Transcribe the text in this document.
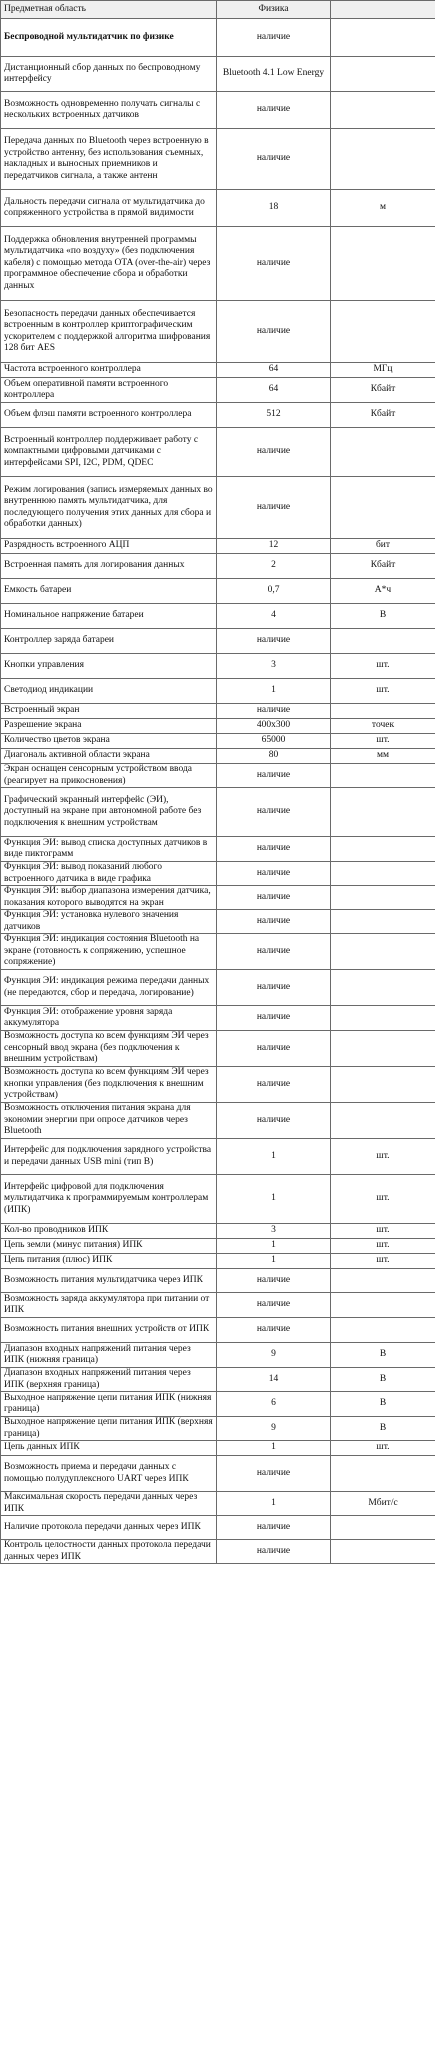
Предметная область	Физика	
Беспроводной мультидатчик по физике	наличие	
Дистанционный сбор данных по беспроводному интерфейсу	Bluetooth 4.1 Low Energy	
Возможность одновременно получать сигналы с нескольких встроенных датчиков	наличие	
Передача данных по Bluetooth через встроенную в устройство антенну, без использования съемных, накладных и выносных приемников и передатчиков сигнала, а также антенн	наличие	
Дальность передачи сигнала от мультидатчика до сопряженного устройства в прямой видимости	18	м
Поддержка обновления внутренней программы мультидатчика «по воздуху» (без подключения кабеля) с помощью метода OTA (over-the-air) через программное обеспечение сбора и обработки данных	наличие	
Безопасность передачи данных обеспечивается встроенным в контроллер криптографическим ускорителем с поддержкой алгоритма шифрования 128 бит AES	наличие	
Частота встроенного контроллера	64	МГц
Объем оперативной памяти встроенного контроллера	64	Кбайт
Объем флэш памяти встроенного контроллера	512	Кбайт
Встроенный контроллер поддерживает работу с компактными цифровыми датчиками с интерфейсами SPI, I2C, PDM, QDEC	наличие	
Режим логирования (запись измеряемых данных во внутреннюю память мультидатчика, для последующего получения этих данных для сбора и обработки данных)	наличие	
Разрядность встроенного АЦП	12	бит
Встроенная память для логирования данных	2	Кбайт
Емкость батареи	0,7	А*ч
Номинальное напряжение батареи	4	В
Контроллер заряда батареи	наличие	
Кнопки управления	3	шт.
Светодиод индикации	1	шт.
Встроенный экран	наличие	
Разрешение экрана	400x300	точек
Количество цветов экрана	65000	шт.
Диагональ активной области экрана	80	мм
Экран оснащен сенсорным устройством ввода (реагирует на прикосновения)	наличие	
Графический экранный интерфейс (ЭИ), доступный на экране при автономной работе без подключения к внешним устройствам	наличие	
Функция ЭИ: вывод списка доступных датчиков в виде пиктограмм	наличие	
Функция ЭИ: вывод показаний любого встроенного датчика в виде графика	наличие	
Функция ЭИ: выбор диапазона измерения датчика, показания которого выводятся на экран	наличие	
Функция ЭИ: установка нулевого значения датчиков	наличие	
Функция ЭИ: индикация состояния Bluetooth на экране (готовность к сопряжению, успешное сопряжение)	наличие	
Функция ЭИ: индикация режима передачи данных (не передаются, сбор и передача, логирование)	наличие	
Функция ЭИ: отображение уровня заряда аккумулятора	наличие	
Возможность доступа ко всем функциям ЭИ через сенсорный ввод экрана (без подключения к внешним устройствам)	наличие	
Возможность доступа ко всем функциям ЭИ через кнопки управления (без подключения к внешним устройствам)	наличие	
Возможность отключения питания экрана для экономии энергии при опросе датчиков через Bluetooth	наличие	
Интерфейс для подключения зарядного устройства и передачи данных USB mini (тип B)	1	шт.
Интерфейс цифровой для подключения мультидатчика к программируемым контроллерам (ИПК)	1	шт.
Кол-во проводников ИПК	3	шт.
Цепь земли (минус питания) ИПК	1	шт.
Цепь питания (плюс) ИПК	1	шт.
Возможность питания мультидатчика через ИПК	наличие	
Возможность заряда аккумулятора при питании от ИПК	наличие	
Возможность питания внешних устройств от ИПК	наличие	
Диапазон входных напряжений питания через ИПК (нижняя граница)	9	В
Диапазон входных напряжений питания через ИПК (верхняя граница)	14	В
Выходное напряжение цепи питания ИПК (нижняя граница)	6	В
Выходное напряжение цепи питания ИПК (верхняя граница)	9	В
Цепь данных ИПК	1	шт.
Возможность приема и передачи данных с помощью полудуплексного UART через ИПК	наличие	
Максимальная скорость передачи данных через ИПК	1	Мбит/с
Наличие протокола передачи данных через ИПК	наличие	
Контроль целостности данных протокола передачи данных через ИПК	наличие	
